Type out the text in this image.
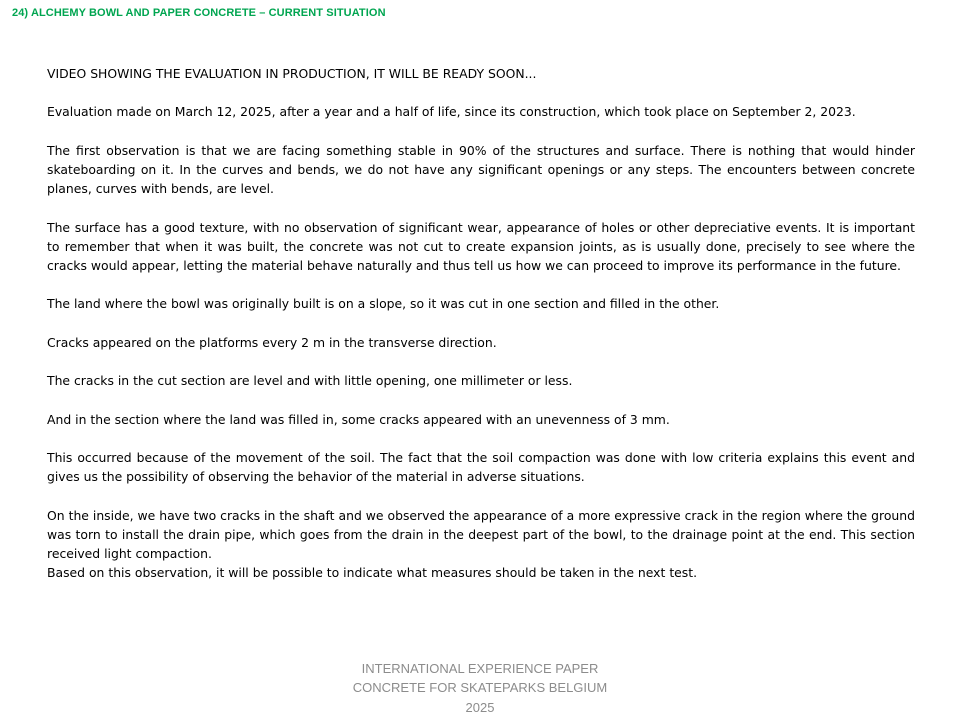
24) ALCHEMY BOWL AND PAPER CONCRETE – CURRENT SITUATION

VIDEO SHOWING THE EVALUATION IN PRODUCTION, IT WILL BE READY SOON...

Evaluation made on March 12, 2025, after a year and a half of life, since its construction, which took place on September 2, 2023.

The first observation is that we are facing something stable in 90% of the structures and surface. There is nothing that would hinder skateboarding on it. In the curves and bends, we do not have any significant openings or any steps. The encounters between concrete planes, curves with bends, are level.

The surface has a good texture, with no observation of significant wear, appearance of holes or other depreciative events. It is important to remember that when it was built, the concrete was not cut to create expansion joints, as is usually done, precisely to see where the cracks would appear, letting the material behave naturally and thus tell us how we can proceed to improve its performance in the future.

The land where the bowl was originally built is on a slope, so it was cut in one section and filled in the other.

Cracks appeared on the platforms every 2 m in the transverse direction.

The cracks in the cut section are level and with little opening, one millimeter or less.

And in the section where the land was filled in, some cracks appeared with an unevenness of 3 mm.

This occurred because of the movement of the soil. The fact that the soil compaction was done with low criteria explains this event and gives us the possibility of observing the behavior of the material in adverse situations.

On the inside, we have two cracks in the shaft and we observed the appearance of a more expressive crack in the region where the ground was torn to install the drain pipe, which goes from the drain in the deepest part of the bowl, to the drainage point at the end. This section received light compaction.

Based on this observation, it will be possible to indicate what measures should be taken in the next test.

INTERNATIONAL EXPERIENCE PAPER
CONCRETE FOR SKATEPARKS BELGIUM
2025
